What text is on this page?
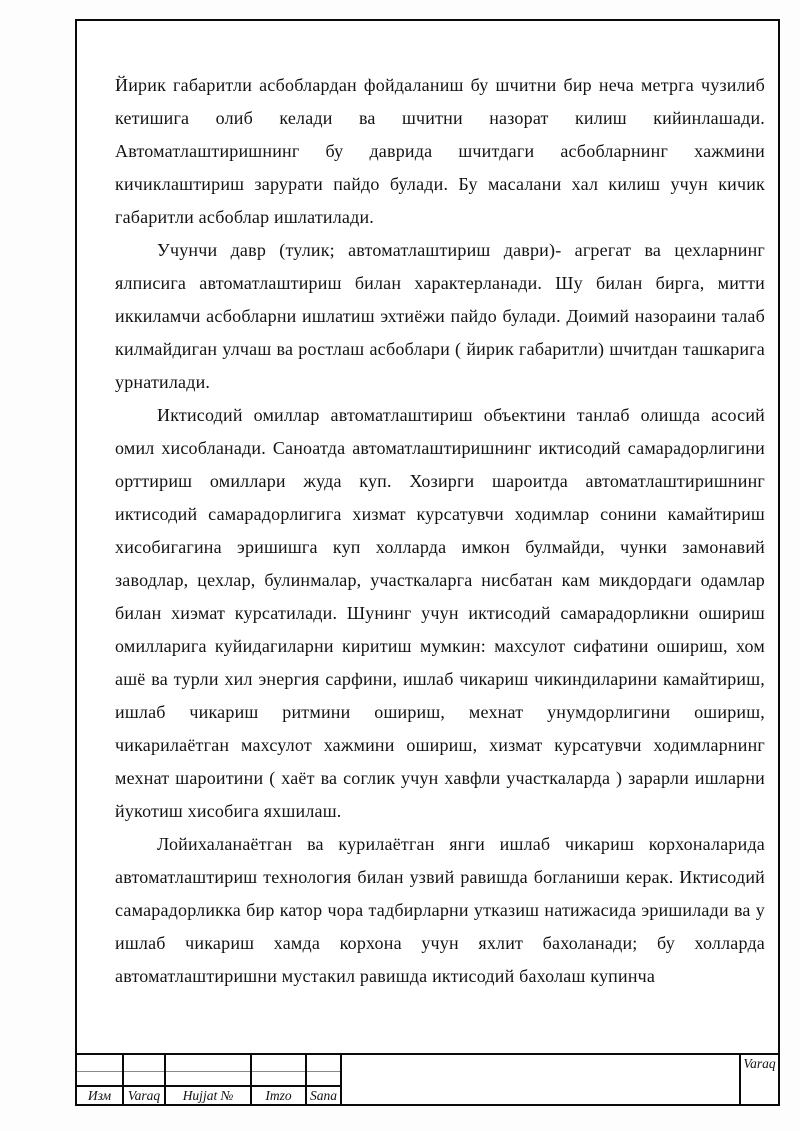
Йирик габаритли асбоблардан фойдаланиш бу шчитни бир неча метрга чузилиб кетишига олиб келади ва шчитни назорат килиш кийинлашади. Автоматлаштиришнинг бу даврида шчитдаги асбобларнинг хажмини кичиклаштириш зарурати пайдо булади. Бу масалани хал килиш учун кичик габаритли асбоблар ишлатилади.

Учунчи давр (тулик; автоматлаштириш даври)- агрегат ва цехларнинг ялписига автоматлаштириш билан характерланади. Шу билан бирга, митти иккиламчи асбобларни ишлатиш эхтиёжи пайдо булади. Доимий назораини талаб килмайдиган улчаш ва ростлаш асбоблари ( йирик габаритли) шчитдан ташкарига урнатилади.

Иктисодий омиллар автоматлаштириш объектини танлаб олишда асосий омил хисобланади. Саноатда автоматлаштиришнинг иктисодий самарадорлигини орттириш омиллари жуда куп. Хозирги шароитда автоматлаштиришнинг иктисодий самарадорлигига хизмат курсатувчи ходимлар сонини камайтириш хисобигагина эришишга куп холларда имкон булмайди, чунки замонавий заводлар, цехлар, булинмалар, участкаларга нисбатан кам микдордаги одамлар билан хиэмат курсатилади. Шунинг учун иктисодий самарадорликни ошириш омилларига куйидагиларни киритиш мумкин: махсулот сифатини ошириш, хом ашё ва турли хил энергия сарфини, ишлаб чикариш чикиндиларини камайтириш, ишлаб чикариш ритмини ошириш, мехнат унумдорлигини ошириш, чикарилаётган махсулот хажмини ошириш, хизмат курсатувчи ходимларнинг мехнат шароитини ( хаёт ва соглик учун хавфли участкаларда ) зарарли ишларни йукотиш хисобига яхшилаш.

Лойихаланаётган ва курилаётган янги ишлаб чикариш корхоналарида автоматлаштириш технология билан узвий равишда богланиши керак. Иктисодий самарадорликка бир катор чора тадбирларни утказиш натижасида эришилади ва у ишлаб чикариш хамда корхона учун яхлит бахоланади; бу холларда автоматлаштиришни мустакил равишда иктисодий бахолаш купинча

Изм	Varaq	Hujjat №	Imzo	Sana
Varaq
